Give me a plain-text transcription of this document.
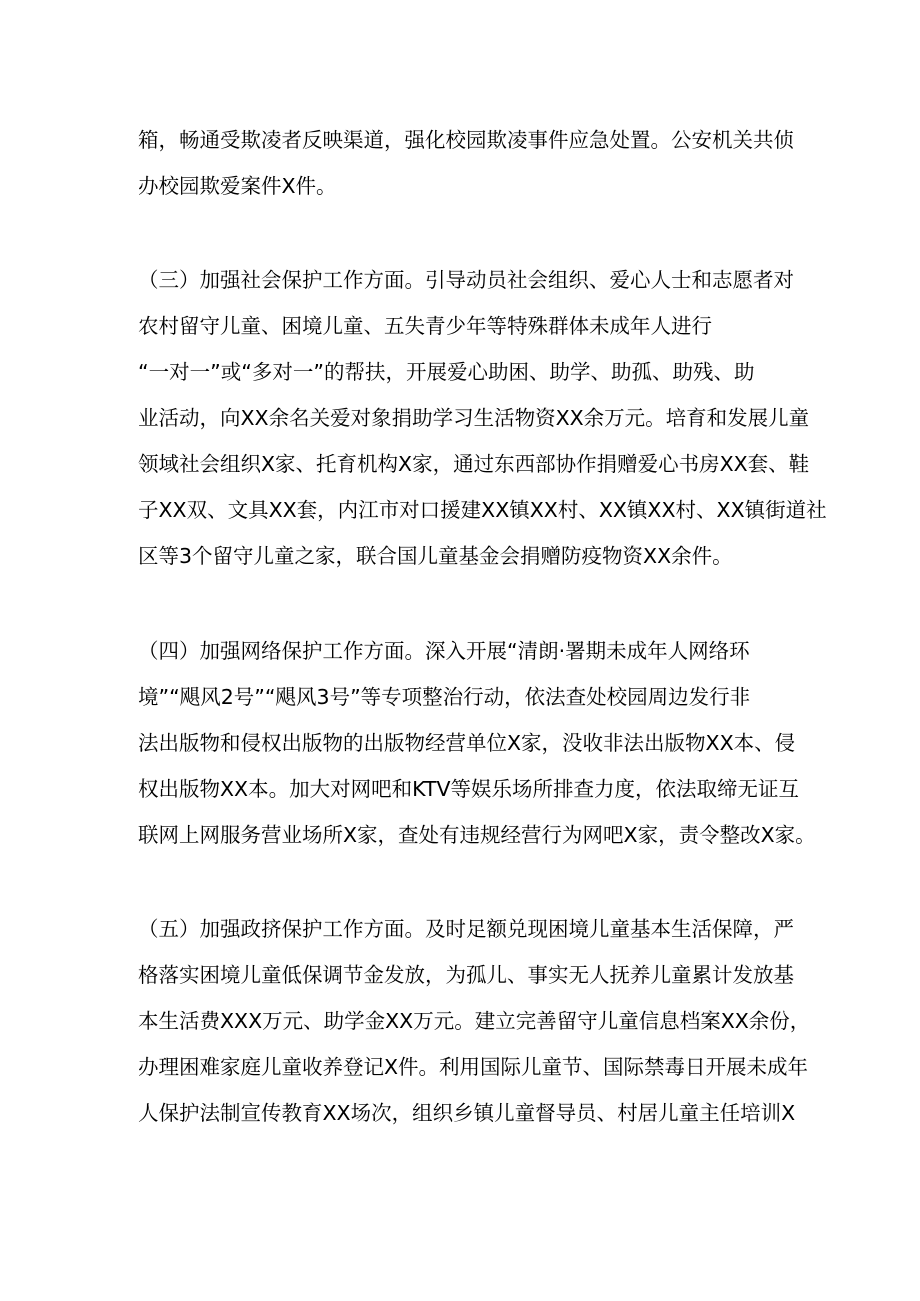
箱，畅通受欺凌者反映渠道，强化校园欺凌事件应急处置。公安机关共侦
办校园欺爱案件X件。
（三）加强社会保护工作方面。引导动员社会组织、爱心人士和志愿者对
农村留守儿童、困境儿童、五失青少年等特殊群体未成年人进行
“一对一”或“多对一”的帮扶，开展爱心助困、助学、助孤、助残、助
业活动，向XX余名关爱对象捐助学习生活物资XX余万元。培育和发展儿童
领域社会组织X家、托育机构X家，通过东西部协作捐赠爱心书房XX套、鞋
子XX双、文具XX套，内江市对口援建XX镇XX村、XX镇XX村、XX镇街道社
区等3个留守儿童之家，联合国儿童基金会捐赠防疫物资XX余件。
（四）加强网络保护工作方面。深入开展“清朗·署期未成年人网络环
境”“飓风2号”“飓风3号”等专项整治行动，依法查处校园周边发行非
法出版物和侵权出版物的出版物经营单位X家，没收非法出版物XX本、侵
权出版物XX本。加大对网吧和KTV等娱乐场所排查力度，依法取缔无证互
联网上网服务营业场所X家，查处有违规经营行为网吧X家，责令整改X家。
（五）加强政挤保护工作方面。及时足额兑现困境儿童基本生活保障，严
格落实困境儿童低保调节金发放，为孤儿、事实无人抚养儿童累计发放基
本生活费XXX万元、助学金XX万元。建立完善留守儿童信息档案XX余份，
办理困难家庭儿童收养登记X件。利用国际儿童节、国际禁毒日开展未成年
人保护法制宣传教育XX场次，组织乡镇儿童督导员、村居儿童主任培训X
